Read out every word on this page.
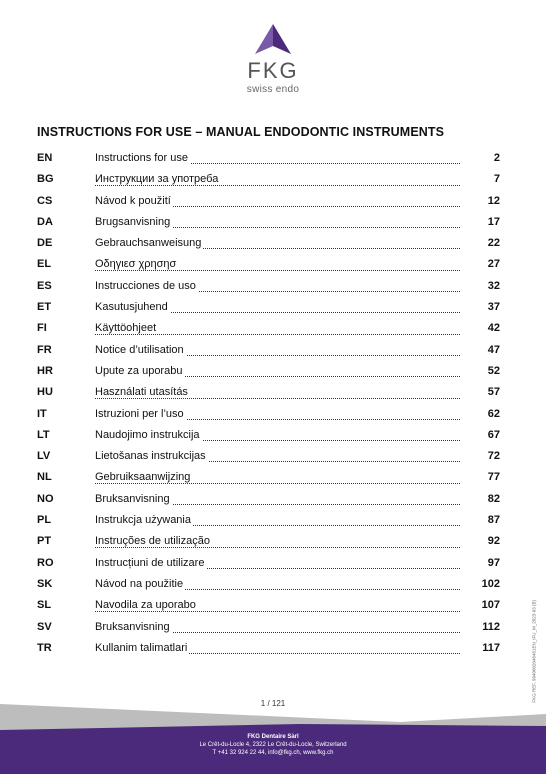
FKG
swiss endo
INSTRUCTIONS FOR USE – MANUAL ENDODONTIC INSTRUMENTS
EN	Instructions for use	2
BG	Инструкции за употреба	7
CS	Návod k použití	12
DA	Brugsanvisning	17
DE	Gebrauchsanweisung	22
EL	Οδηγιεσ χρησησ	27
ES	Instrucciones de uso	32
ET	Kasutusjuhend	37
FI	Käyttöohjeet	42
FR	Notice d’utilisation	47
HR	Upute za uporabu	52
HU	Használati utasítás	57
IT	Istruzioni per l’uso	62
LT	Naudojimo instrukcija	67
LV	Lietošanas instrukcijas	72
NL	Gebruiksaanwijzing	77
NO	Bruksanvisning	82
PL	Instrukcja używania	87
PT	Instruções de utilização	92
RO	Instrucțiuni de utilizare	97
SK	Návod na použitie	102
SL	Navodila za uporabo	107
SV	Bruksanvisning	112
TR	Kullanim talimatlari	117	FKG REF. 9940002046461EN_IFU_M_2023-03 (B)
1 / 121
FKG Dentaire Sàrl
Le Crêt-du-Locle 4, 2322 Le Crêt-du-Locle, Switzerland
T +41 32 924 22 44, info@fkg.ch, www.fkg.ch
